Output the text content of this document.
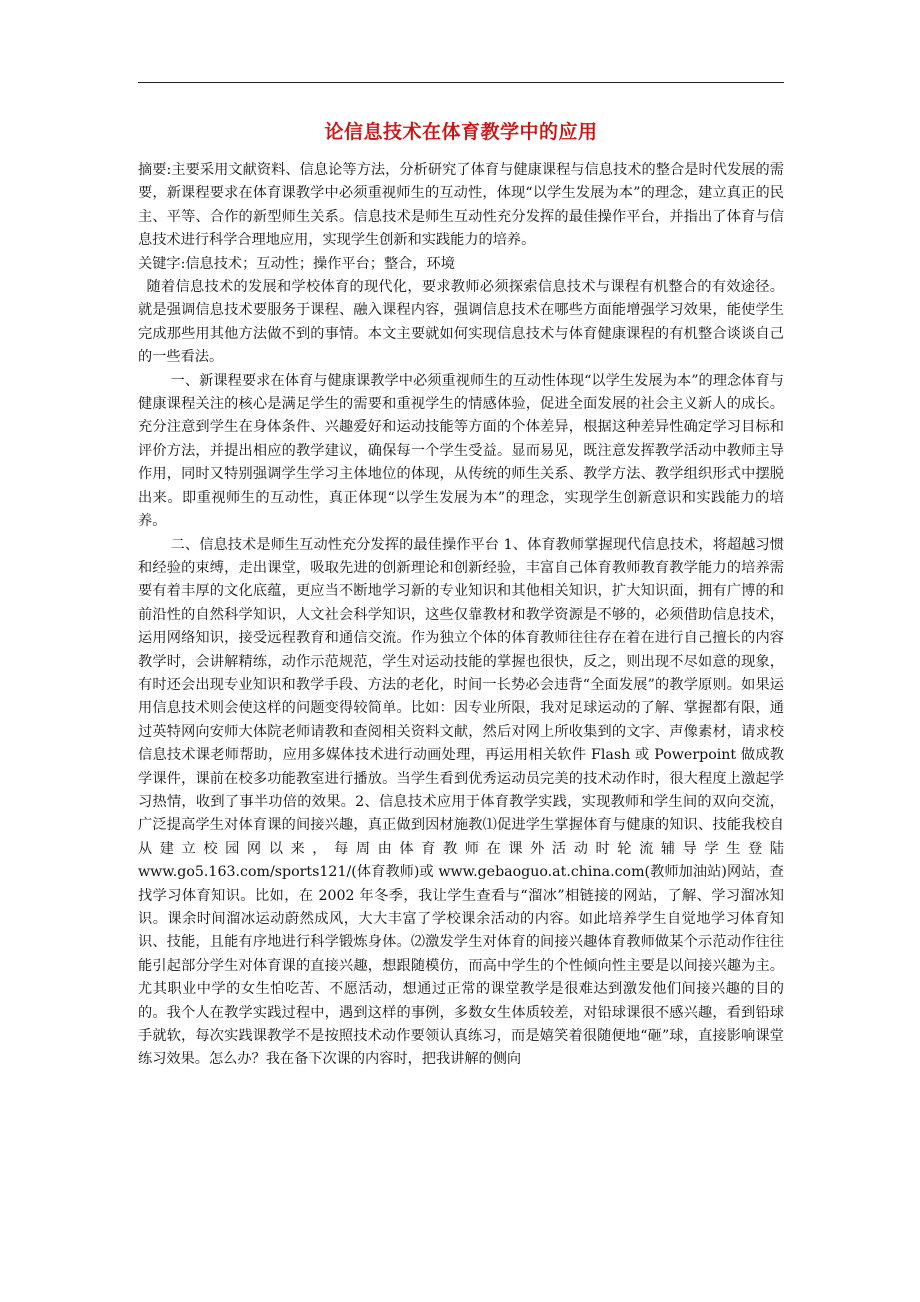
论信息技术在体育教学中的应用

摘要:主要采用文献资料、信息论等方法，分析研究了体育与健康课程与信息技术的整合是时代发展的需要，新课程要求在体育课教学中必须重视师生的互动性，体现“以学生发展为本”的理念，建立真正的民主、平等、合作的新型师生关系。信息技术是师生互动性充分发挥的最佳操作平台，并指出了体育与信息技术进行科学合理地应用，实现学生创新和实践能力的培养。

关键字:信息技术；互动性；操作平台；整合，环境

随着信息技术的发展和学校体育的现代化，要求教师必须探索信息技术与课程有机整合的有效途径。就是强调信息技术要服务于课程、融入课程内容，强调信息技术在哪些方面能增强学习效果，能使学生完成那些用其他方法做不到的事情。本文主要就如何实现信息技术与体育健康课程的有机整合谈谈自己的一些看法。

一、新课程要求在体育与健康课教学中必须重视师生的互动性体现“以学生发展为本”的理念体育与健康课程关注的核心是满足学生的需要和重视学生的情感体验，促进全面发展的社会主义新人的成长。充分注意到学生在身体条件、兴趣爱好和运动技能等方面的个体差异，根据这种差异性确定学习目标和评价方法，并提出相应的教学建议，确保每一个学生受益。显而易见，既注意发挥教学活动中教师主导作用，同时又特别强调学生学习主体地位的体现，从传统的师生关系、教学方法、教学组织形式中摆脱出来。即重视师生的互动性，真正体现“以学生发展为本”的理念，实现学生创新意识和实践能力的培养。

二、信息技术是师生互动性充分发挥的最佳操作平台 1、体育教师掌握现代信息技术，将超越习惯和经验的束缚，走出课堂，吸取先进的创新理论和创新经验，丰富自己体育教师教育教学能力的培养需要有着丰厚的文化底蕴，更应当不断地学习新的专业知识和其他相关知识，扩大知识面，拥有广博的和前沿性的自然科学知识，人文社会科学知识，这些仅靠教材和教学资源是不够的，必须借助信息技术，运用网络知识，接受远程教育和通信交流。作为独立个体的体育教师往往存在着在进行自己擅长的内容教学时，会讲解精练，动作示范规范，学生对运动技能的掌握也很快，反之，则出现不尽如意的现象，有时还会出现专业知识和教学手段、方法的老化，时间一长势必会违背“全面发展”的教学原则。如果运用信息技术则会使这样的问题变得较简单。比如：因专业所限，我对足球运动的了解、掌握都有限，通过英特网向安师大体院老师请教和查阅相关资料文献，然后对网上所收集到的文字、声像素材，请求校信息技术课老师帮助，应用多媒体技术进行动画处理，再运用相关软件 Flash 或 Powerpoint 做成教学课件，课前在校多功能教室进行播放。当学生看到优秀运动员完美的技术动作时，很大程度上激起学习热情，收到了事半功倍的效果。2、信息技术应用于体育教学实践，实现教师和学生间的双向交流，广泛提高学生对体育课的间接兴趣，真正做到因材施教⑴促进学生掌握体育与健康的知识、技能我校自从建立校园网以来，每周由体育教师在课外活动时轮流辅导学生登陆 www.go5.163.com/sports121/(体育教师)或 www.gebaoguo.at.china.com(教师加油站)网站，查找学习体育知识。比如，在 2002 年冬季，我让学生查看与“溜冰”相链接的网站，了解、学习溜冰知识。课余时间溜冰运动蔚然成风，大大丰富了学校课余活动的内容。如此培养学生自觉地学习体育知识、技能，且能有序地进行科学锻炼身体。⑵激发学生对体育的间接兴趣体育教师做某个示范动作往往能引起部分学生对体育课的直接兴趣，想跟随模仿，而高中学生的个性倾向性主要是以间接兴趣为主。尤其职业中学的女生怕吃苦、不愿活动，想通过正常的课堂教学是很难达到激发他们间接兴趣的目的的。我个人在教学实践过程中，遇到这样的事例，多数女生体质较差，对铅球课很不感兴趣，看到铅球手就软，每次实践课教学不是按照技术动作要领认真练习，而是嬉笑着很随便地“砸”球，直接影响课堂练习效果。怎么办？我在备下次课的内容时，把我讲解的侧向
